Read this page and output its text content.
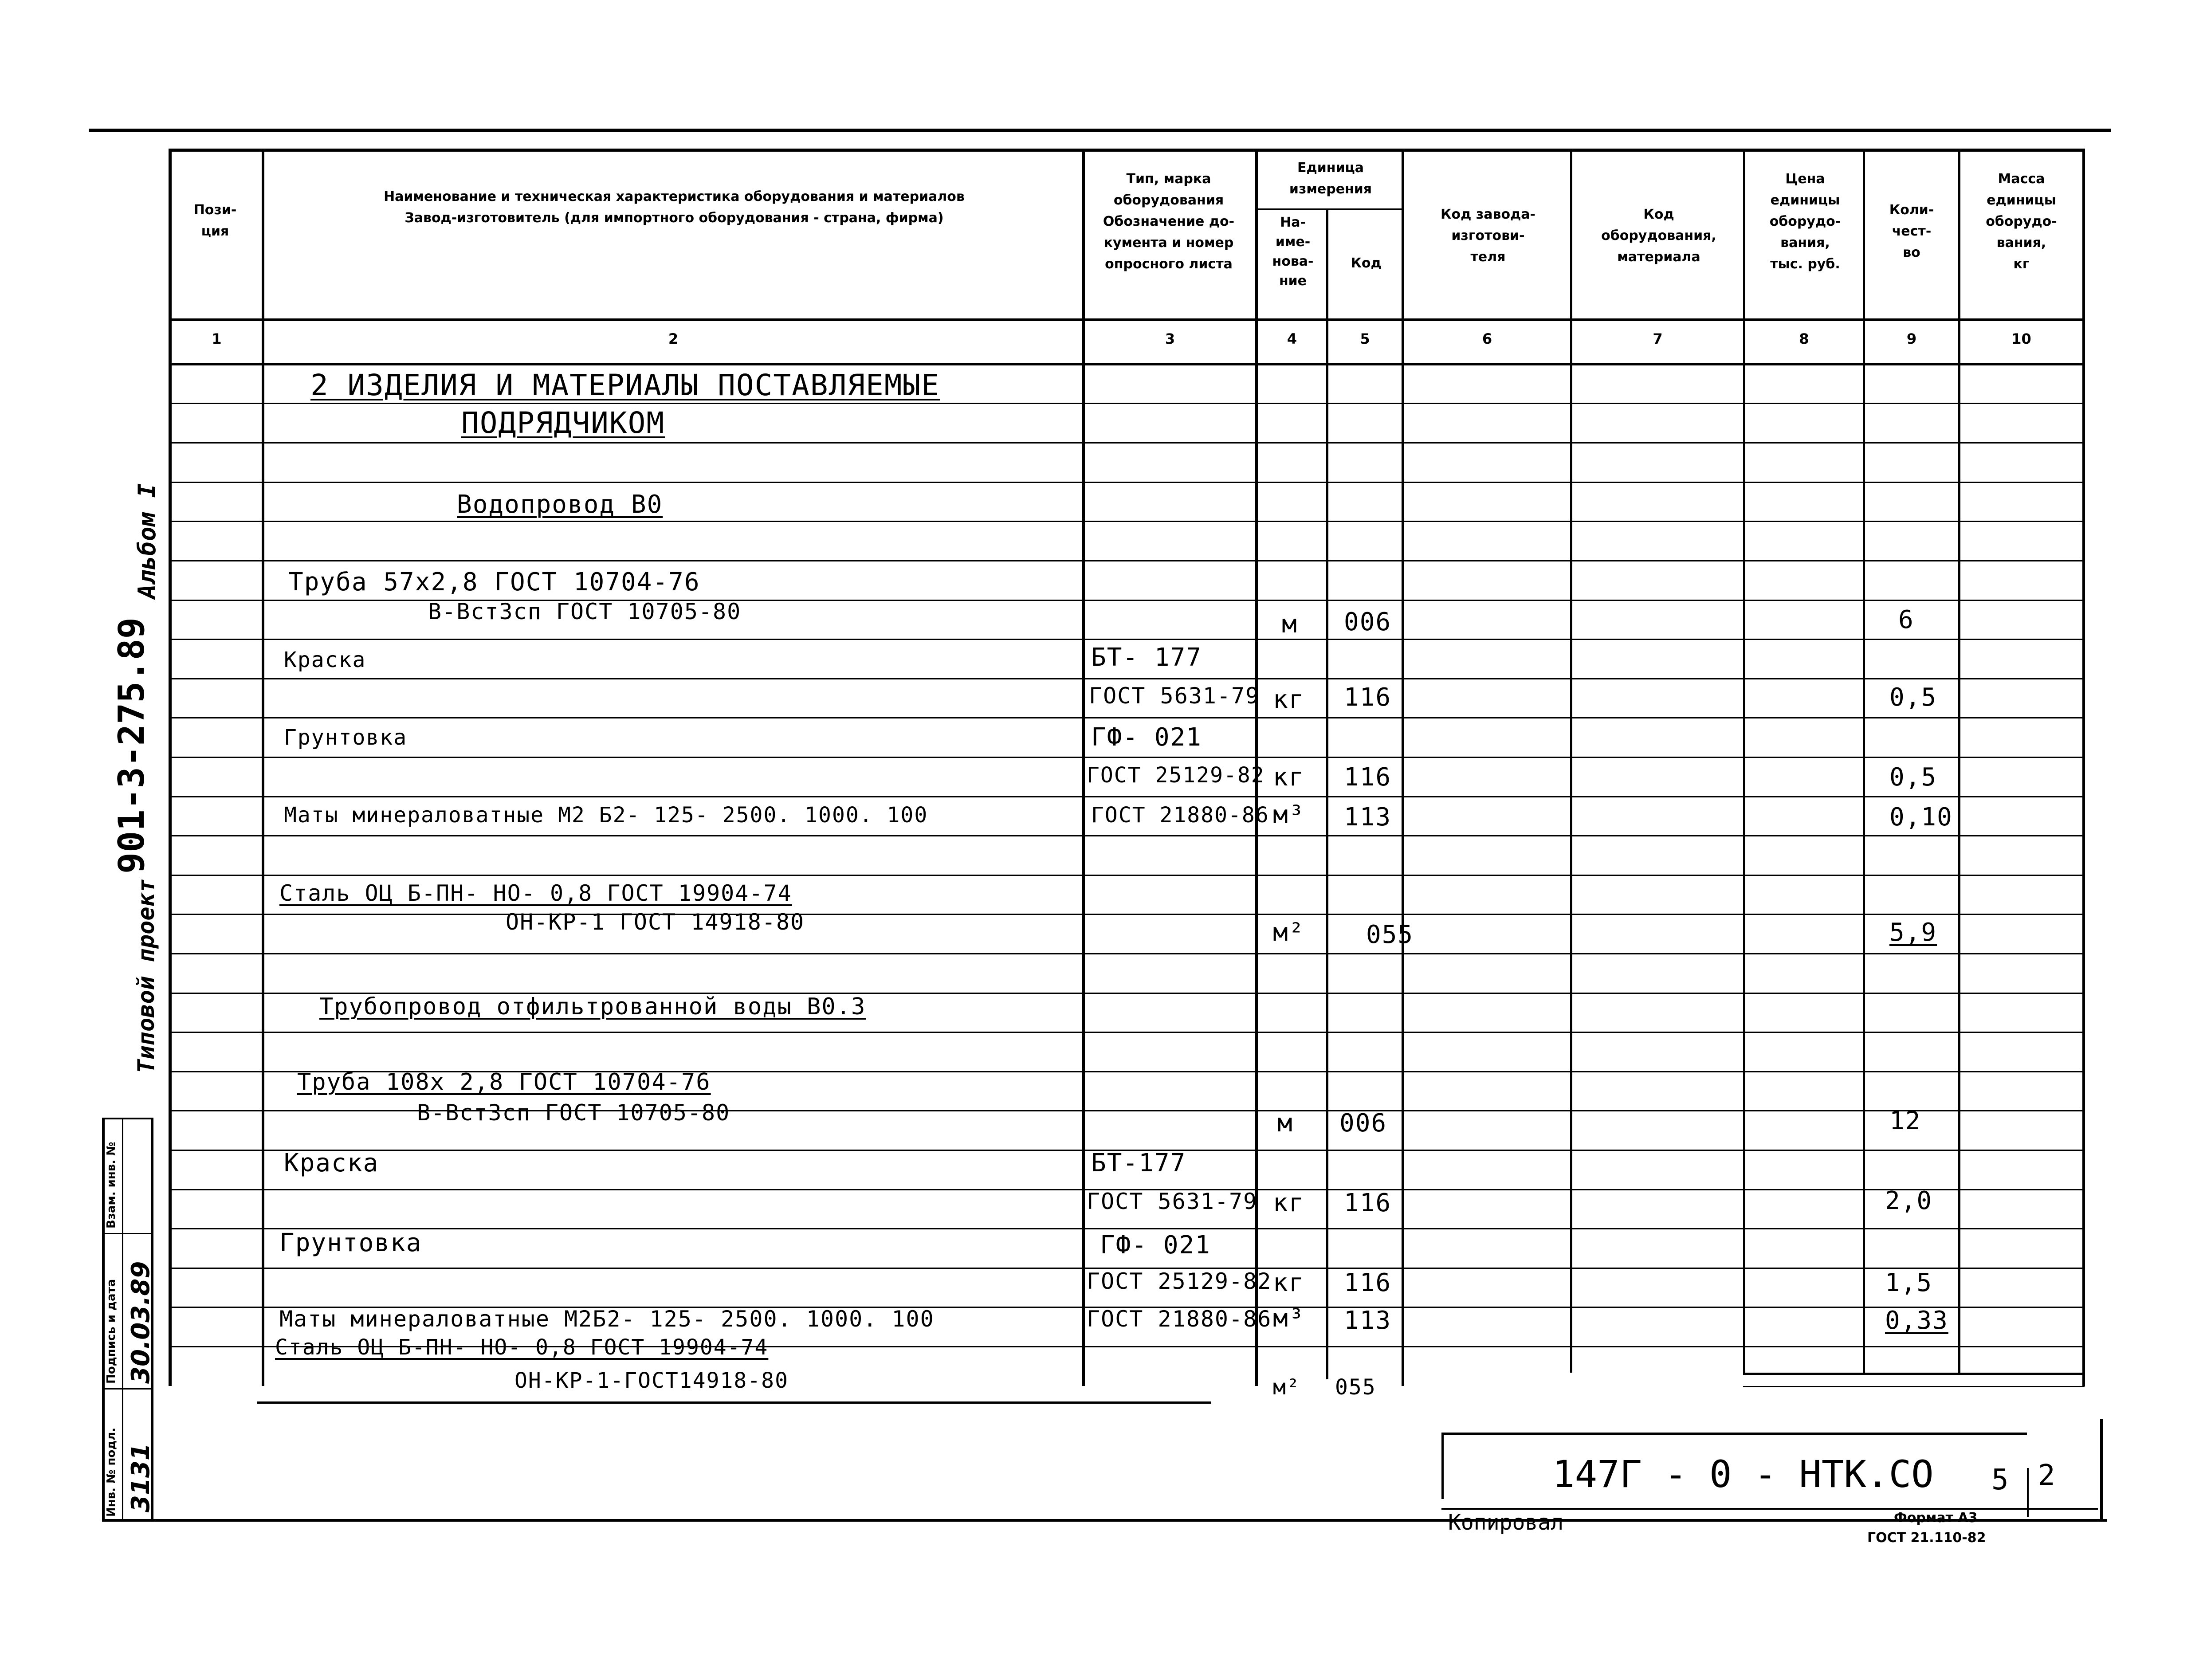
Пози-
ция
Наименование и техническая характеристика оборудования и материалов
Завод-изготовитель (для импортного оборудования - страна, фирма)
Тип, марка
оборудования
Обозначение до-
кумента и номер
опросного листа
Единица
измерения
На-
име-
нова-
ние
Код
Код заводa-
изготови-
теля
Код
оборудования,
материала
Цена
единицы
оборудо-
вания,
тыс. руб.
Коли-
чест-
во
Масса
единицы
оборудо-
вания,
кг
1	2	3	4	5	6	7	8	9	10
2 ИЗДЕЛИЯ И МАТЕРИАЛЫ ПОСТАВЛЯЕМЫЕ
ПОДРЯДЧИКОМ
Водопровод В0
Труба 57х2,8 ГОСТ 10704-76
В-Вст3сп ГОСТ 10705-80	м 006	6
Краска	БТ- 177
ГОСТ 5631-79 кг 116	0,5
Грунтовка	ГФ- 021
ГОСТ 25129-82 кг 116	0,5
Маты минераловатные М2 Б2- 125- 2500. 1000. 100	ГОСТ 21880-86 м³ 113	0,10
Сталь ОЦ Б-ПН- НО- 0,8 ГОСТ 19904-74
ОН-КР-1 ГОСТ 14918-80	м² 055	5,9
Трубопровод отфильтрованной воды В0.3
Труба 108х 2,8 ГОСТ 10704-76
В-Вст3сп ГОСТ 10705-80	м 006	12
Краска	БТ-177
ГОСТ 5631-79 кг 116	2,0
Грунтовка	ГФ- 021
ГОСТ 25129-82 кг 116	1,5
Маты минераловатные М2Б2- 125- 2500. 1000. 100	ГОСТ 21880-86 м³ 113	0,33
Сталь ОЦ Б-ПН- НО- 0,8 ГОСТ 19904-74
ОН-КР-1-ГОСТ14918-80	м² 055
Альбом I
901-3-275.89
Типовой проект
Инв. № подл. 3131
Подпись и дата 30.03.89
Взам. инв. №
147Г - 0 - НТК.СО 5 2
Копировал	Формат А3
ГОСТ 21.110-82
